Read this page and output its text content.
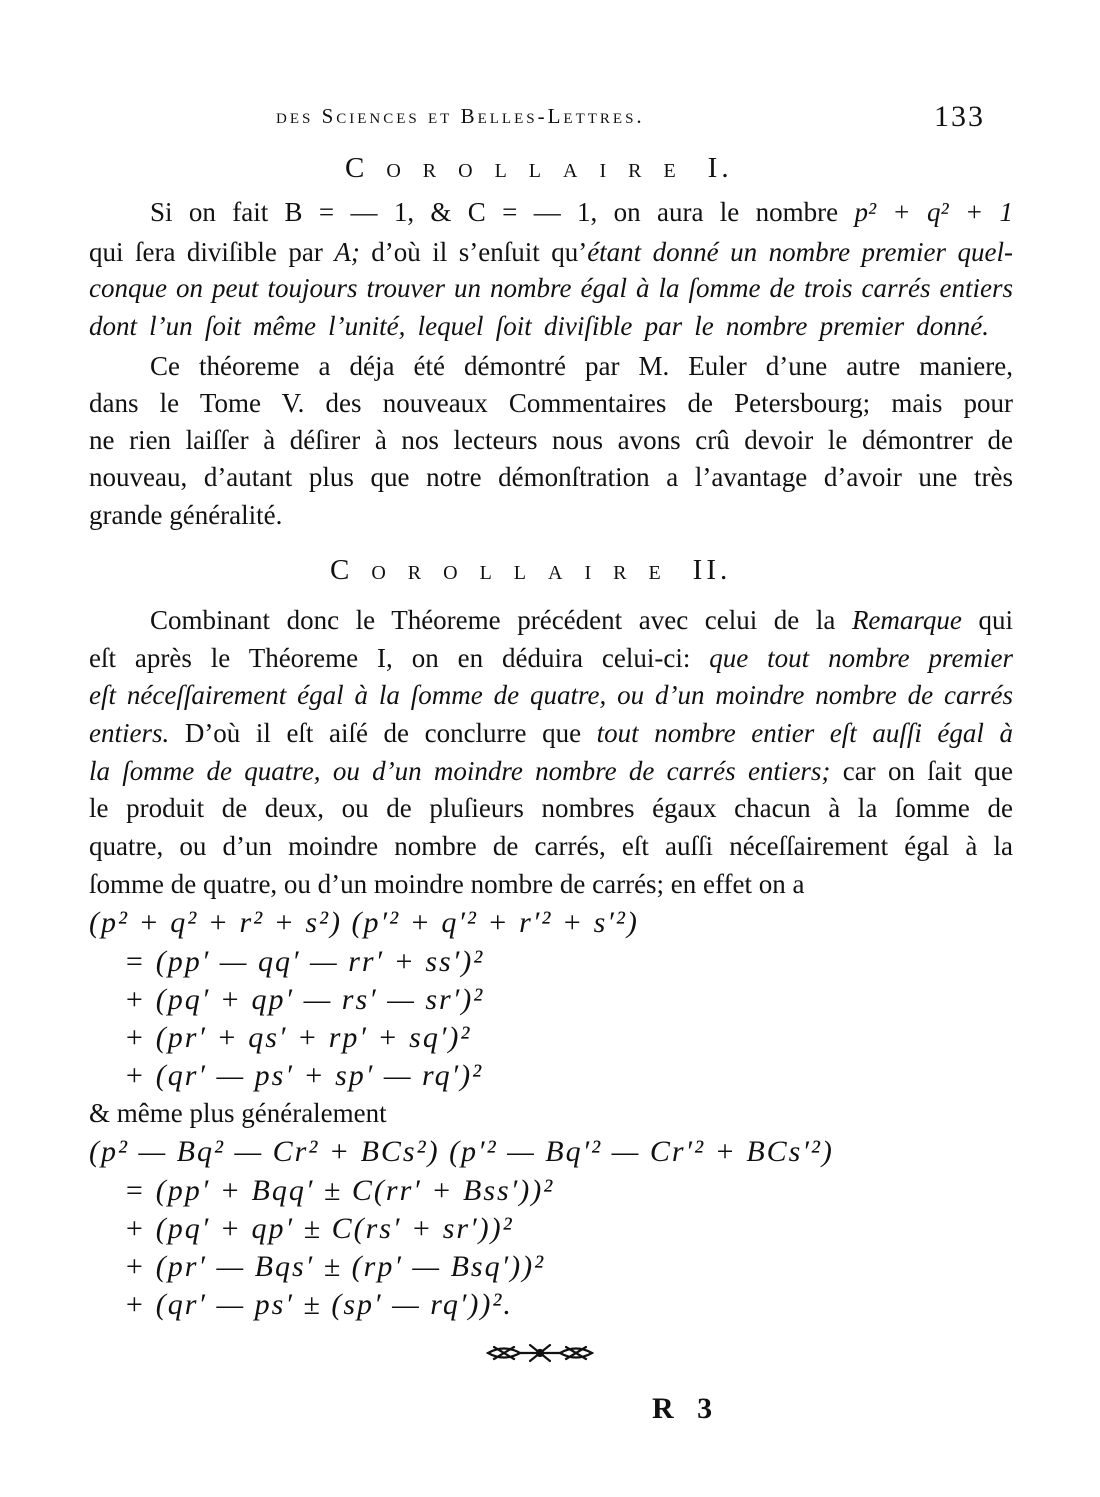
des Sciences et Belles-Lettres.	133
Corollaire I.
Si on fait B = — 1, & C = — 1, on aura le nombre p² + q² + 1
qui ſera diviſible par A; d’où il s’enſuit qu’étant donné un nombre premier quel-
conque on peut toujours trouver un nombre égal à la ſomme de trois carrés entiers
dont l’un ſoit même l’unité, lequel ſoit diviſible par le nombre premier donné.
Ce théoreme a déja été démontré par M. Euler d’une autre maniere,
dans le Tome V. des nouveaux Commentaires de Petersbourg; mais pour
ne rien laiſſer à déſirer à nos lecteurs nous avons crû devoir le démontrer de
nouveau, d’autant plus que notre démonſtration a l’avantage d’avoir une très
grande généralité.
Corollaire II.
Combinant donc le Théoreme précédent avec celui de la Remarque qui
eſt après le Théoreme I, on en déduira celui-ci: que tout nombre premier
eſt néceſſairement égal à la ſomme de quatre, ou d’un moindre nombre de carrés
entiers. D’où il eſt aiſé de conclurre que tout nombre entier eſt auſſi égal à
la ſomme de quatre, ou d’un moindre nombre de carrés entiers; car on ſait que
le produit de deux, ou de pluſieurs nombres égaux chacun à la ſomme de
quatre, ou d’un moindre nombre de carrés, eſt auſſi néceſſairement égal à la
ſomme de quatre, ou d’un moindre nombre de carrés; en effet on a
(p² + q² + r² + s²) (p′² + q′² + r′² + s′²)
= (pp′ — qq′ — rr′ + ss′)²
+ (pq′ + qp′ — rs′ — sr′)²
+ (pr′ + qs′ + rp′ + sq′)²
+ (qr′ — ps′ + sp′ — rq′)²
& même plus généralement
(p² — Bq² — Cr² + BCs²) (p′² — Bq′² — Cr′² + BCs′²)
= (pp′ + Bqq′ ± C(rr′ + Bss′))²
+ (pq′ + qp′ ± C(rs′ + sr′))²
+ (pr′ — Bqs′ ± (rp′ — Bsq′))²
+ (qr′ — ps′ ± (sp′ — rq′))².
R 3
